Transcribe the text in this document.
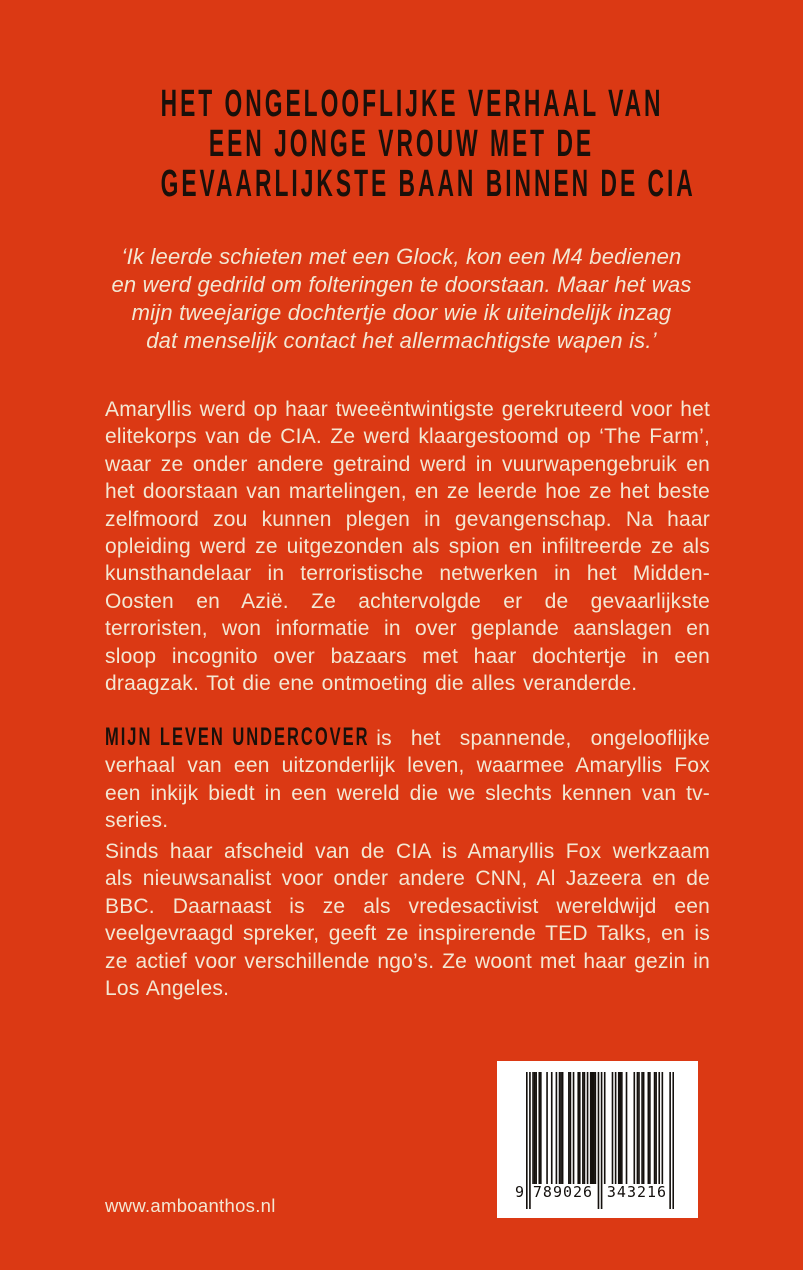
HET ONGELOOFLIJKE VERHAAL VAN
EEN JONGE VROUW MET DE
GEVAARLIJKSTE BAAN BINNEN DE CIA
‘Ik leerde schieten met een Glock, kon een M4 bedienen
en werd gedrild om folteringen te doorstaan. Maar het was
mijn tweejarige dochtertje door wie ik uiteindelijk inzag
dat menselijk contact het allermachtigste wapen is.’

Amaryllis werd op haar tweeëntwintigste gerekruteerd voor het elitekorps van de CIA. Ze werd klaargestoomd op ‘The Farm’, waar ze onder andere getraind werd in vuurwapengebruik en het doorstaan van martelingen, en ze leerde hoe ze het beste zelfmoord zou kunnen plegen in gevangenschap. Na haar opleiding werd ze uitgezonden als spion en infiltreerde ze als kunsthandelaar in terroristische netwerken in het Midden-Oosten en Azië. Ze achtervolgde er de gevaarlijkste terroristen, won informatie in over geplande aanslagen en sloop incognito over bazaars met haar dochtertje in een draagzak. Tot die ene ontmoeting die alles veranderde.

MIJN LEVEN UNDERCOVER is het spannende, ongelooflijke verhaal van een uitzonderlijk leven, waarmee Amaryllis Fox een inkijk biedt in een wereld die we slechts kennen van tv-series.

Sinds haar afscheid van de CIA is Amaryllis Fox werkzaam als nieuwsanalist voor onder andere CNN, Al Jazeera en de BBC. Daarnaast is ze als vredesactivist wereldwijd een veelgevraagd spreker, geeft ze inspirerende TED Talks, en is ze actief voor verschillende ngo’s. Ze woont met haar gezin in Los Angeles.

www.amboanthos.nl
9 789026 343216
